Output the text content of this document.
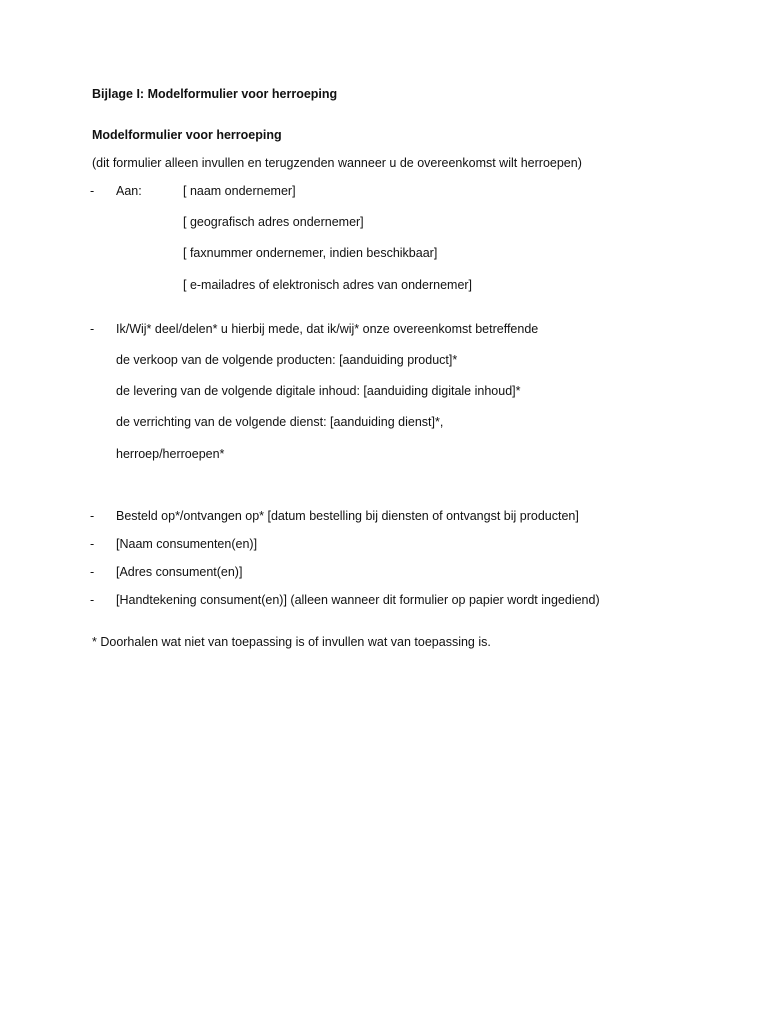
Bijlage I: Modelformulier voor herroeping
Modelformulier voor herroeping
(dit formulier alleen invullen en terugzenden wanneer u de overeenkomst wilt herroepen)
-	Aan:	[ naam ondernemer]
[ geografisch adres ondernemer]
[ faxnummer ondernemer, indien beschikbaar]
[ e-mailadres of elektronisch adres van ondernemer]
-	Ik/Wij* deel/delen* u hierbij mede, dat ik/wij* onze overeenkomst betreffende
de verkoop van de volgende producten: [aanduiding product]*
de levering van de volgende digitale inhoud: [aanduiding digitale inhoud]*
de verrichting van de volgende dienst: [aanduiding dienst]*,
herroep/herroepen*
-	Besteld op*/ontvangen op* [datum bestelling bij diensten of ontvangst bij producten]
-	[Naam consumenten(en)]
-	[Adres consument(en)]
-	[Handtekening consument(en)] (alleen wanneer dit formulier op papier wordt ingediend)
* Doorhalen wat niet van toepassing is of invullen wat van toepassing is.
